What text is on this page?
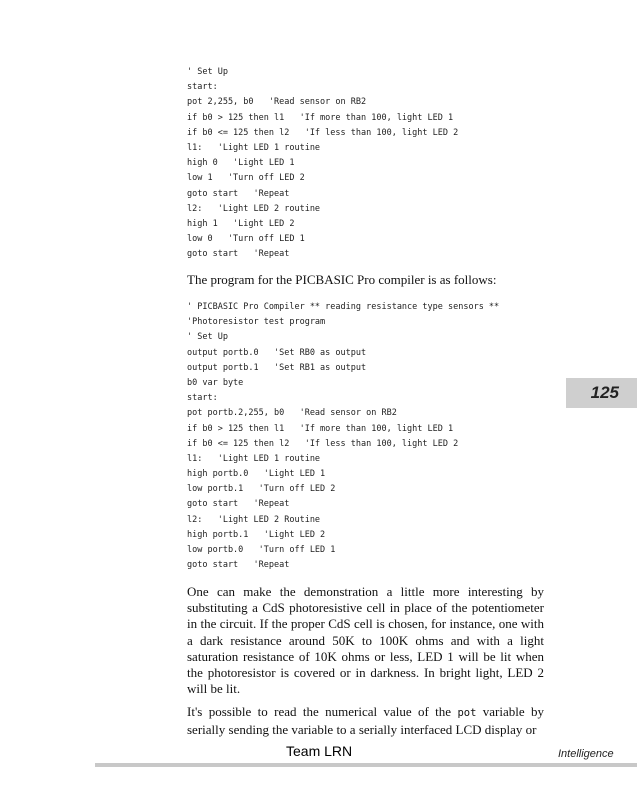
' Set Up
start:
pot 2,255, b0   'Read sensor on RB2
if b0 > 125 then l1   'If more than 100, light LED 1
if b0 <= 125 then l2   'If less than 100, light LED 2
l1:   'Light LED 1 routine
high 0   'Light LED 1
low 1   'Turn off LED 2
goto start   'Repeat
l2:   'Light LED 2 routine
high 1   'Light LED 2
low 0   'Turn off LED 1
goto start   'Repeat

The program for the PICBASIC Pro compiler is as follows:

' PICBASIC Pro Compiler ** reading resistance type sensors **
'Photoresistor test program
' Set Up
output portb.0   'Set RB0 as output
output portb.1   'Set RB1 as output
b0 var byte
start:
pot portb.2,255, b0   'Read sensor on RB2
if b0 > 125 then l1   'If more than 100, light LED 1
if b0 <= 125 then l2   'If less than 100, light LED 2
l1:   'Light LED 1 routine
high portb.0   'Light LED 1
low portb.1   'Turn off LED 2
goto start   'Repeat
l2:   'Light LED 2 Routine
high portb.1   'Light LED 2
low portb.0   'Turn off LED 1
goto start   'Repeat

One can make the demonstration a little more interesting by substituting a CdS photoresistive cell in place of the potentiometer in the circuit. If the proper CdS cell is chosen, for instance, one with a dark resistance around 50K to 100K ohms and with a light saturation resistance of 10K ohms or less, LED 1 will be lit when the photoresistor is covered or in darkness. In bright light, LED 2 will be lit.

It's possible to read the numerical value of the pot variable by serially sending the variable to a serially interfaced LCD display or

125
Team LRN	Intelligence
